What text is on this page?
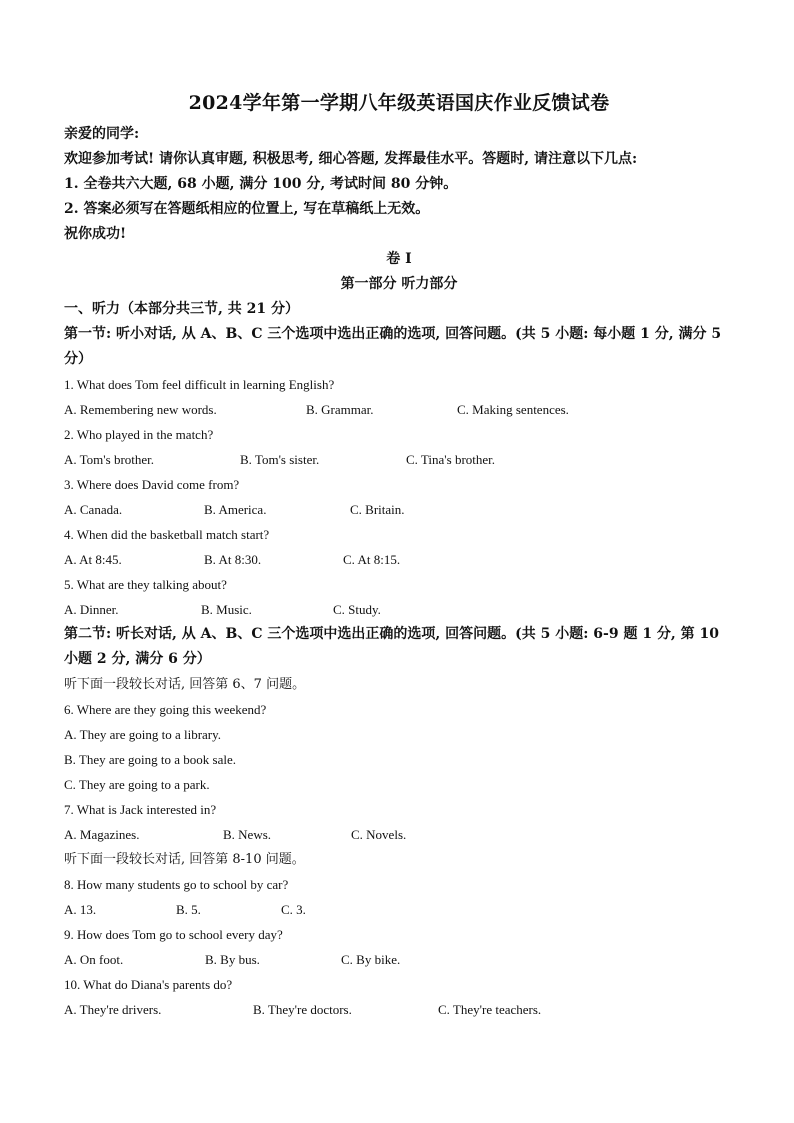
2024学年第一学期八年级英语国庆作业反馈试卷
亲爱的同学:
欢迎参加考试! 请你认真审题, 积极思考, 细心答题, 发挥最佳水平。答题时, 请注意以下几点:
1. 全卷共六大题, 68 小题, 满分 100 分, 考试时间 80 分钟。
2. 答案必须写在答题纸相应的位置上, 写在草稿纸上无效。
祝你成功!
卷 I
第一部分 听力部分
一、听力（本部分共三节, 共 21 分）
第一节: 听小对话, 从 A、B、C 三个选项中选出正确的选项, 回答问题。(共 5 小题: 每小题 1 分, 满分 5 分）
1. What does Tom feel difficult in learning English?
A. Remembering new words.	B. Grammar.	C. Making sentences.
2. Who played in the match?
A. Tom's brother.	B. Tom's sister.	C. Tina's brother.
3. Where does David come from?
A. Canada.	B. America.	C. Britain.
4. When did the basketball match start?
A. At 8:45.	B. At 8:30.	C. At 8:15.
5. What are they talking about?
A. Dinner.	B. Music.	C. Study.
第二节: 听长对话, 从 A、B、C 三个选项中选出正确的选项, 回答问题。(共 5 小题: 6-9 题 1 分, 第 10 小题 2 分, 满分 6 分）
听下面一段较长对话, 回答第 6、7 问题。
6. Where are they going this weekend?
A. They are going to a library.
B. They are going to a book sale.
C. They are going to a park.
7. What is Jack interested in?
A. Magazines.	B. News.	C. Novels.
听下面一段较长对话, 回答第 8-10 问题。
8. How many students go to school by car?
A. 13.	B. 5.	C. 3.
9. How does Tom go to school every day?
A. On foot.	B. By bus.	C. By bike.
10. What do Diana's parents do?
A. They're drivers.	B. They're doctors.	C. They're teachers.
